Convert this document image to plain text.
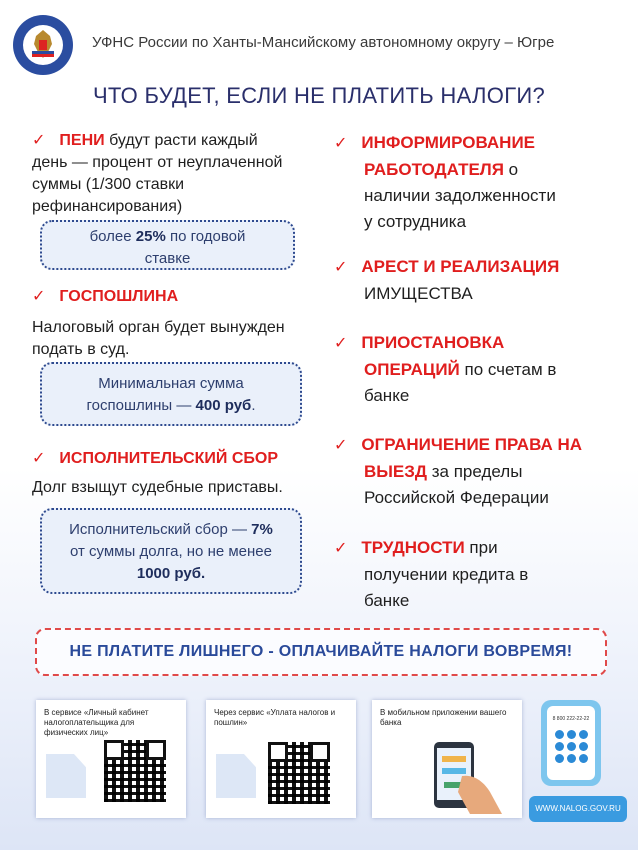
УФНС России по Ханты-Мансийскому автономному округу – Югре
ЧТО БУДЕТ, ЕСЛИ НЕ ПЛАТИТЬ НАЛОГИ?
✓ ПЕНИ будут расти каждый
день — процент от неуплаченной
суммы (1/300 ставки
рефинансирования)
более 25% по годовой
ставке
✓ ГОСПОШЛИНА
Налоговый орган будет вынужден
подать в суд.
Минимальная сумма
госпошлины — 400 руб.
✓ ИСПОЛНИТЕЛЬСКИЙ СБОР
Долг взыщут судебные приставы.
Исполнительский сбор — 7%
от суммы долга, но не менее
1000 руб.
✓ ИНФОРМИРОВАНИЕ
РАБОТОДАТЕЛЯ о
наличии задолженности
у сотрудника
✓ АРЕСТ И РЕАЛИЗАЦИЯ
ИМУЩЕСТВА
✓ ПРИОСТАНОВКА
ОПЕРАЦИЙ по счетам в
банке
✓ ОГРАНИЧЕНИЕ ПРАВА НА
ВЫЕЗД за пределы
Российской Федерации
✓ ТРУДНОСТИ при
получении кредита в
банке
НЕ ПЛАТИТЕ ЛИШНЕГО - ОПЛАЧИВАЙТЕ НАЛОГИ ВОВРЕМЯ!
В сервисе «Личный кабинет налогоплательщика для физических лиц»
Через сервис «Уплата налогов и пошлин»
В мобильном приложении вашего банка	8 800 222-22-22
WWW.NALOG.GOV.RU
